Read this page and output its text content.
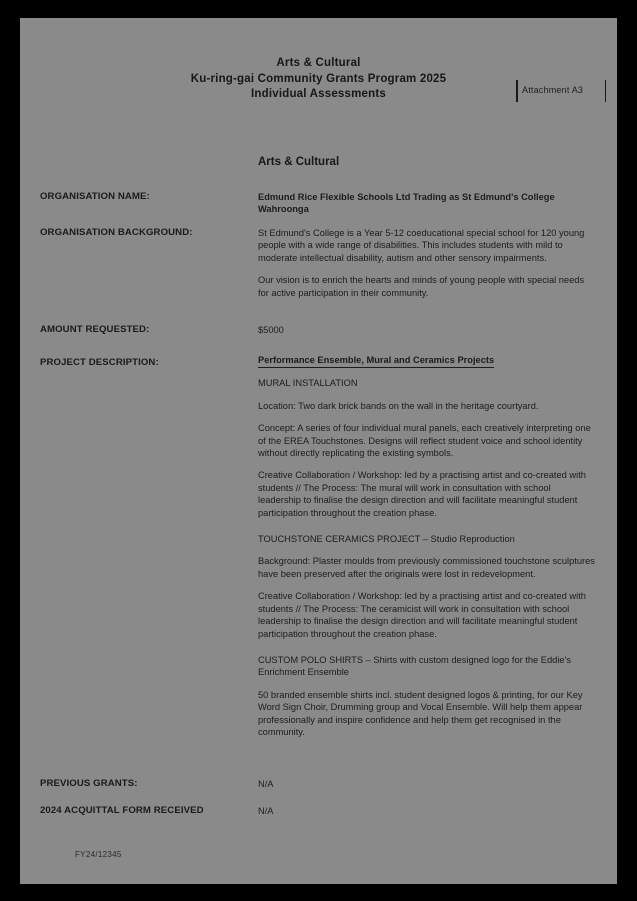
Arts & Cultural
Ku-ring-gai Community Grants Program 2025
Individual Assessments	Attachment A3
Arts & Cultural
ORGANISATION NAME:	Edmund Rice Flexible Schools Ltd Trading as St Edmund's College Wahroonga
ORGANISATION BACKGROUND:	St Edmund's College is a Year 5-12 coeducational special school for 120 young people with a wide range of disabilities. This includes students with mild to moderate intellectual disability, autism and other sensory impairments.

Our vision is to enrich the hearts and minds of young people with special needs for active participation in their community.

AMOUNT REQUESTED:	$5000
PROJECT DESCRIPTION:	Performance Ensemble, Mural and Ceramics Projects

MURAL INSTALLATION

Location: Two dark brick bands on the wall in the heritage courtyard.

Concept: A series of four individual mural panels, each creatively interpreting one of the EREA Touchstones. Designs will reflect student voice and school identity without directly replicating the existing symbols.

Creative Collaboration / Workshop: led by a practising artist and co-created with students // The Process: The mural will work in consultation with school leadership to finalise the design direction and will facilitate meaningful student participation throughout the creation phase.

TOUCHSTONE CERAMICS PROJECT – Studio Reproduction

Background: Plaster moulds from previously commissioned touchstone sculptures have been preserved after the originals were lost in redevelopment.

Creative Collaboration / Workshop: led by a practising artist and co-created with students // The Process: The ceramicist will work in consultation with school leadership to finalise the design direction and will facilitate meaningful student participation throughout the creation phase.

CUSTOM POLO SHIRTS – Shirts with custom designed logo for the Eddie's Enrichment Ensemble

50 branded ensemble shirts incl. student designed logos & printing, for our Key Word Sign Choir, Drumming group and Vocal Ensemble. Will help them appear professionally and inspire confidence and help them get recognised in the community.

PREVIOUS GRANTS:	N/A
2024 ACQUITTAL FORM RECEIVED	N/A
FY24/12345
